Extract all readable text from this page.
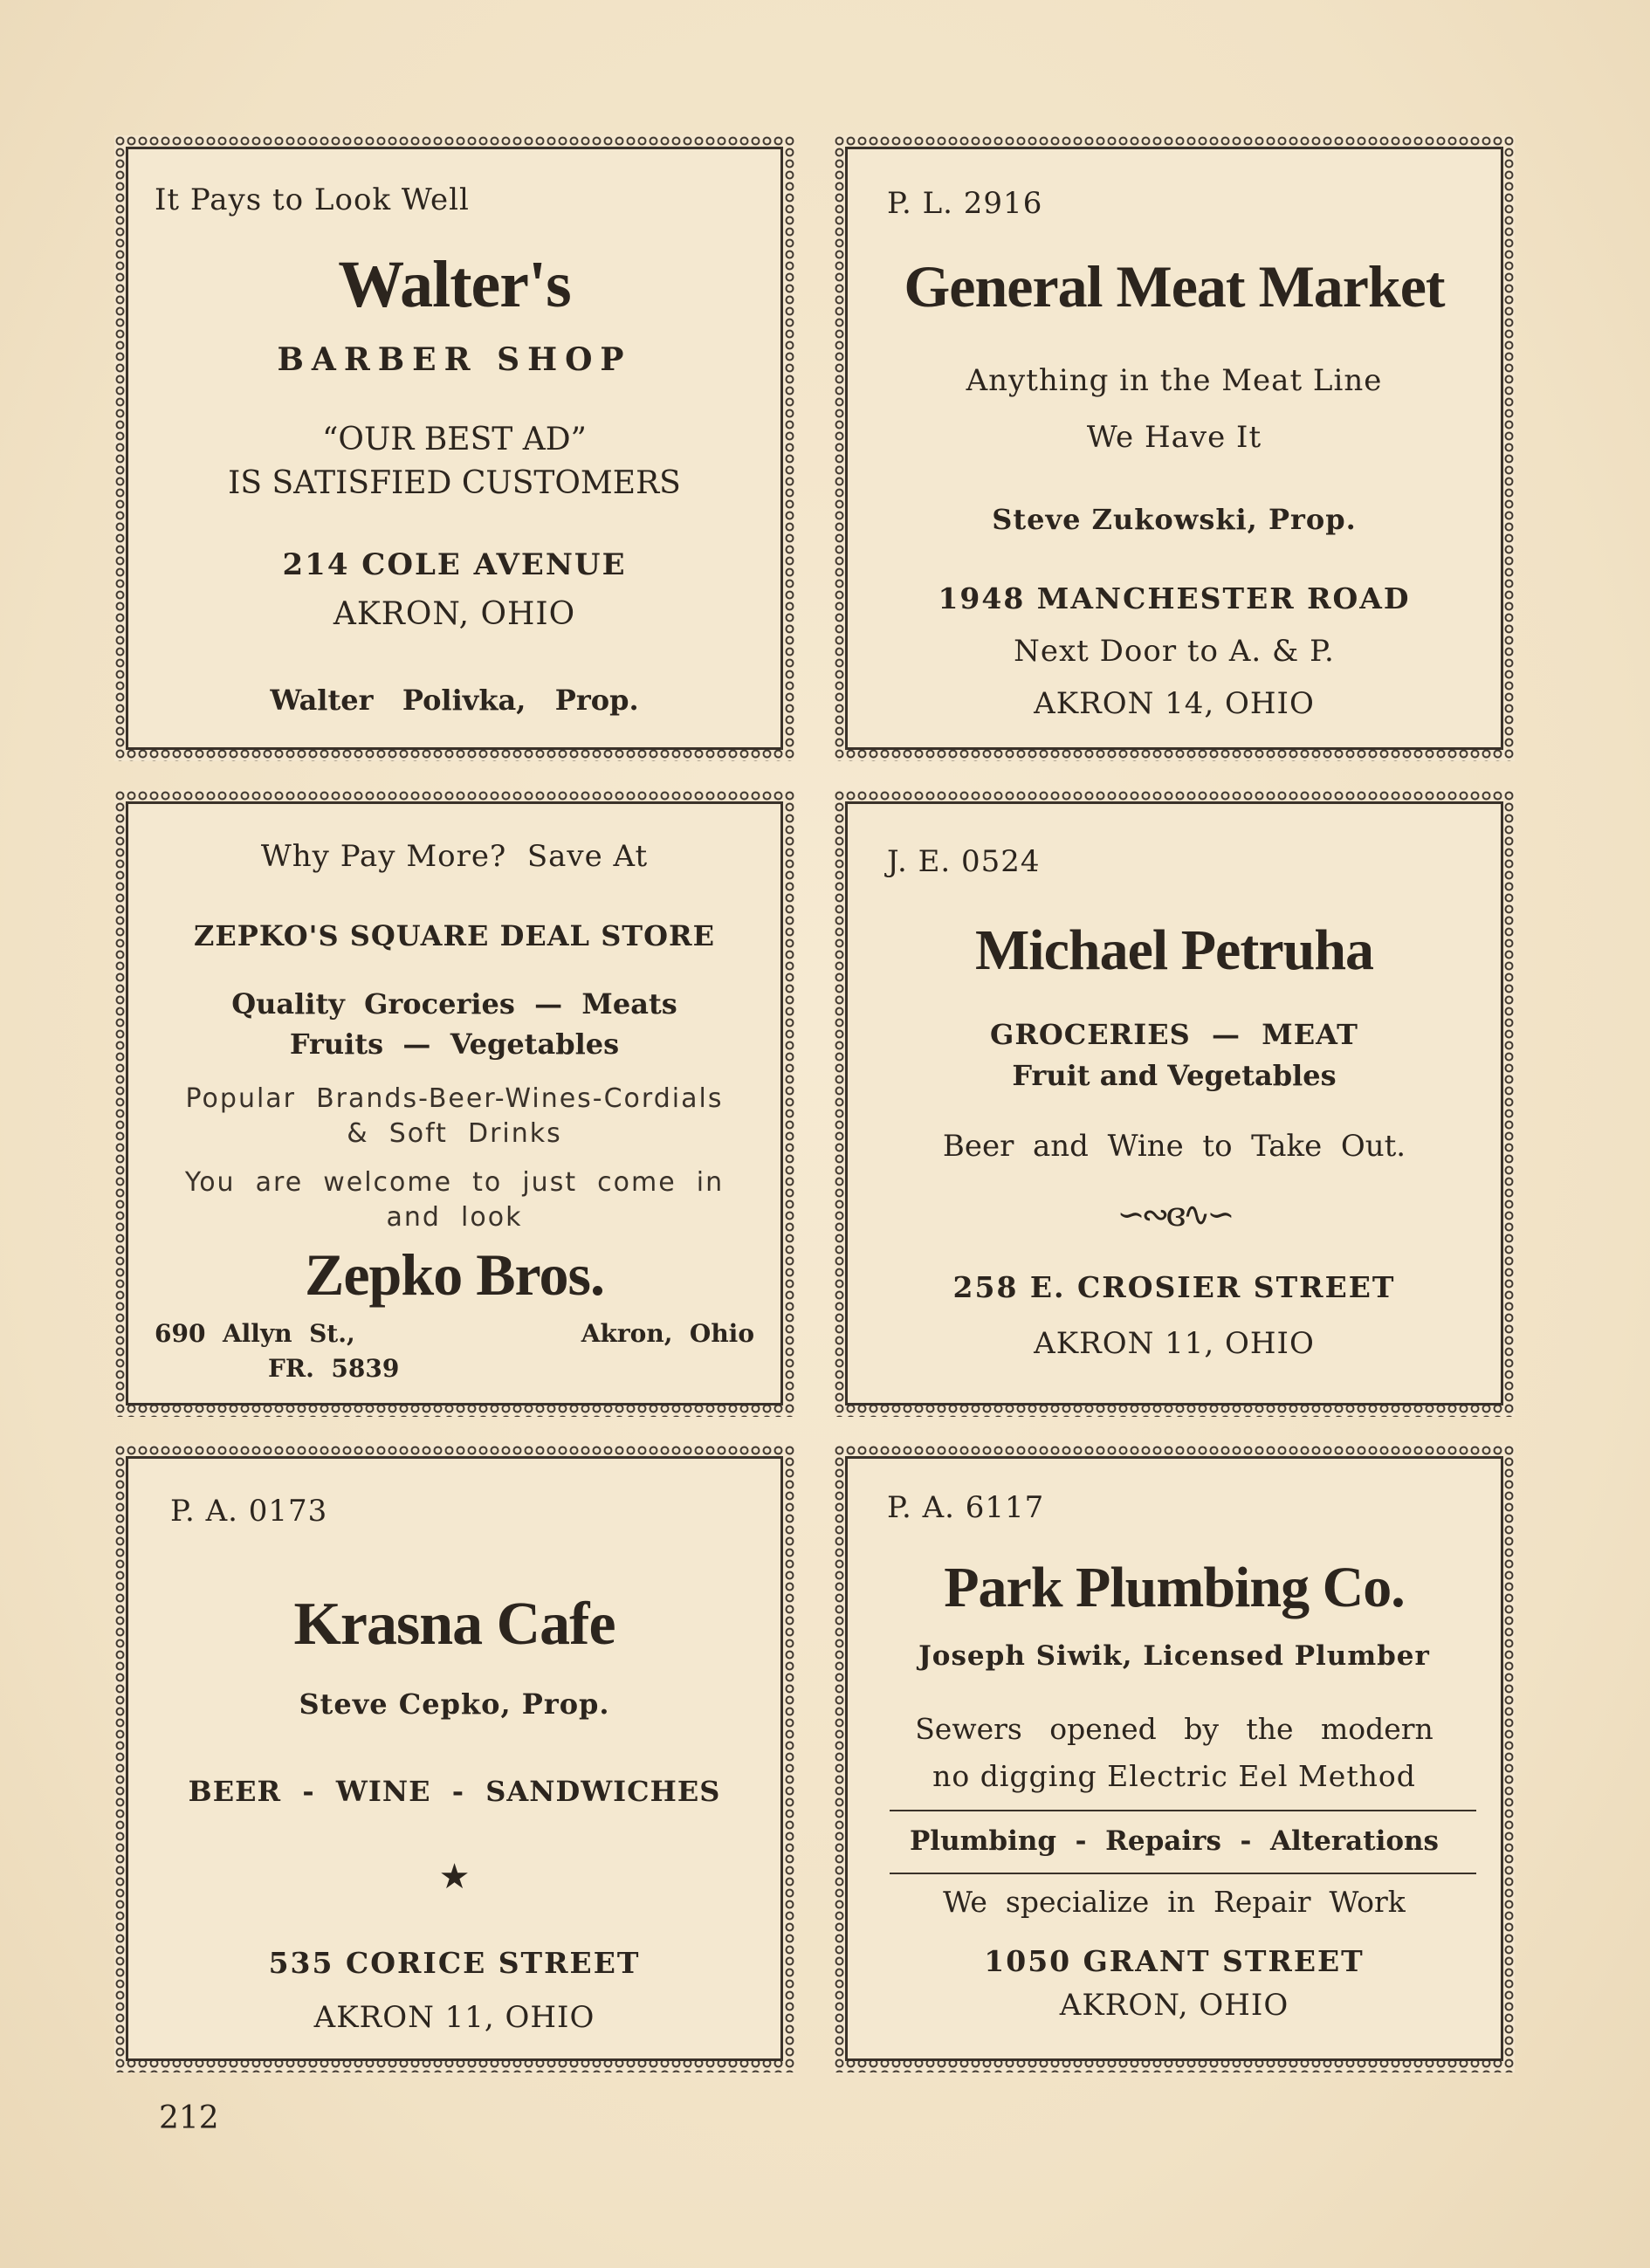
It Pays to Look Well
Walter's
BARBER SHOP
“OUR BEST AD”
IS SATISFIED CUSTOMERS
214 COLE AVENUE
AKRON, OHIO
Walter   Polivka,   Prop.
P. L. 2916
General Meat Market
Anything in the Meat Line
We Have It
Steve Zukowski, Prop.
1948 MANCHESTER ROAD
Next Door to A. & P.
AKRON 14, OHIO
Why Pay More?  Save At
ZEPKO'S SQUARE DEAL STORE
Quality  Groceries  —  Meats
Fruits  —  Vegetables
Popular  Brands-Beer-Wines-Cordials
&  Soft  Drinks
You  are  welcome  to  just  come  in
and  look
Zepko Bros.
690  Allyn  St.,	Akron,  Ohio
FR.  5839
J. E. 0524
Michael Petruha
GROCERIES  —  MEAT
Fruit and Vegetables
Beer  and  Wine  to  Take  Out.
∽∾ɞ∿∽
258 E. CROSIER STREET
AKRON 11, OHIO
P. A. 0173
Krasna Cafe
Steve Cepko, Prop.
BEER  -  WINE  -  SANDWICHES
★
535 CORICE STREET
AKRON 11, OHIO
P. A. 6117
Park Plumbing Co.
Joseph Siwik, Licensed Plumber
Sewers   opened   by   the   modern
no digging Electric Eel Method
Plumbing  -  Repairs  -  Alterations
We  specialize  in  Repair  Work
1050 GRANT STREET
AKRON, OHIO
212
